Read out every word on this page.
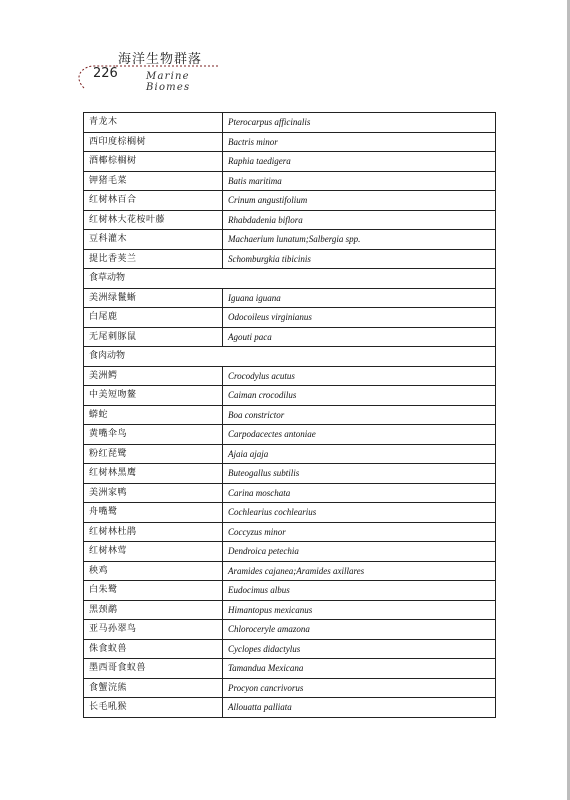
海洋生物群落
226	Marine Biomes
青龙木	Pterocarpus afficinalis
西印度棕榈树	Bactris minor
酒椰棕榈树	Raphia taedigera
钾猪毛菜	Batis maritima
红树林百合	Crinum angustifolium
红树林大花桉叶藤	Rhabdadenia biflora
豆科灌木	Machaerium lunatum;Salbergia spp.
提比香荚兰	Schomburgkia tibicinis
食草动物	
美洲绿鬣蜥	Iguana iguana
白尾鹿	Odocoileus virginianus
无尾刺豚鼠	Agouti paca
食肉动物	
美洲鳄	Crocodylus acutus
中美短吻鳌	Caiman crocodilus
蟒蛇	Boa constrictor
黄嘴伞鸟	Carpodacectes antoniae
粉红琵鹭	Ajaia ajaja
红树林黑鹰	Buteogallus subtilis
美洲家鸭	Carina moschata
舟嘴鹭	Cochlearius cochlearius
红树林杜鹃	Coccyzus minor
红树林莺	Dendroica petechia
秧鸡	Aramides cajanea;Aramides axillares
白朱鹭	Eudocimus albus
黑颈鹬	Himantopus mexicanus
亚马孙翠鸟	Chloroceryle amazona
侏食蚁兽	Cyclopes didactylus
墨西哥食蚁兽	Tamandua Mexicana
食蟹浣熊	Procyon cancrivorus
长毛吼猴	Allouatta palliata
